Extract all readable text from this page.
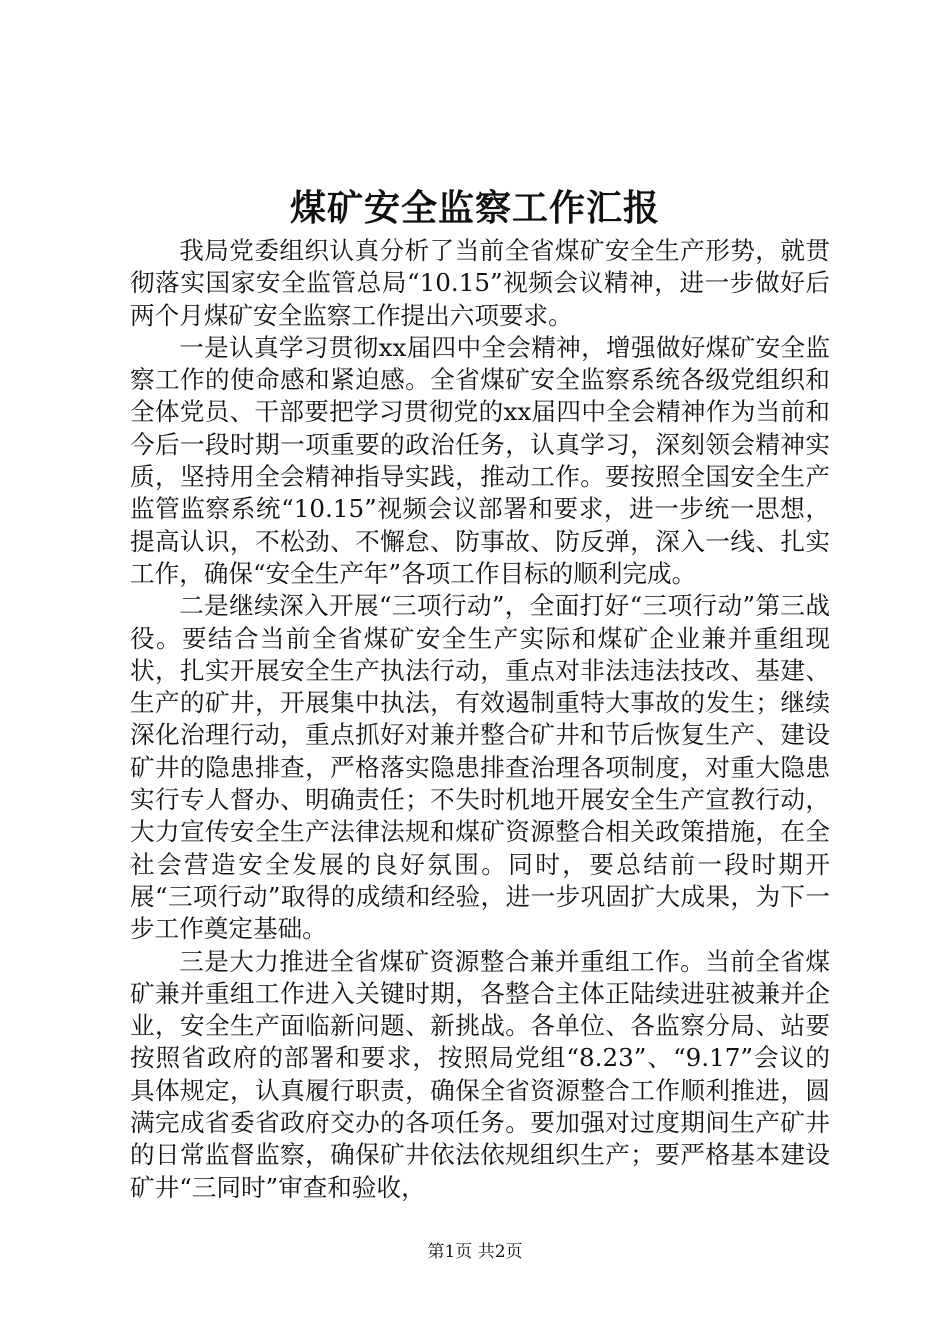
煤矿安全监察工作汇报

我局党委组织认真分析了当前全省煤矿安全生产形势，就贯彻落实国家安全监管总局“10.15”视频会议精神，进一步做好后两个月煤矿安全监察工作提出六项要求。

一是认真学习贯彻xx届四中全会精神，增强做好煤矿安全监察工作的使命感和紧迫感。全省煤矿安全监察系统各级党组织和全体党员、干部要把学习贯彻党的xx届四中全会精神作为当前和今后一段时期一项重要的政治任务，认真学习，深刻领会精神实质，坚持用全会精神指导实践，推动工作。要按照全国安全生产监管监察系统“10.15”视频会议部署和要求，进一步统一思想，提高认识，不松劲、不懈怠、防事故、防反弹，深入一线、扎实工作，确保“安全生产年”各项工作目标的顺利完成。

二是继续深入开展“三项行动”，全面打好“三项行动”第三战役。要结合当前全省煤矿安全生产实际和煤矿企业兼并重组现状，扎实开展安全生产执法行动，重点对非法违法技改、基建、生产的矿井，开展集中执法，有效遏制重特大事故的发生；继续深化治理行动，重点抓好对兼并整合矿井和节后恢复生产、建设矿井的隐患排查，严格落实隐患排查治理各项制度，对重大隐患实行专人督办、明确责任；不失时机地开展安全生产宣教行动，大力宣传安全生产法律法规和煤矿资源整合相关政策措施，在全社会营造安全发展的良好氛围。同时，要总结前一段时期开展“三项行动”取得的成绩和经验，进一步巩固扩大成果，为下一步工作奠定基础。

三是大力推进全省煤矿资源整合兼并重组工作。当前全省煤矿兼并重组工作进入关键时期，各整合主体正陆续进驻被兼并企业，安全生产面临新问题、新挑战。各单位、各监察分局、站要按照省政府的部署和要求，按照局党组“8.23”、“9.17”会议的具体规定，认真履行职责，确保全省资源整合工作顺利推进，圆满完成省委省政府交办的各项任务。要加强对过度期间生产矿井的日常监督监察，确保矿井依法依规组织生产；要严格基本建设矿井“三同时”审查和验收，

第1页 共2页
